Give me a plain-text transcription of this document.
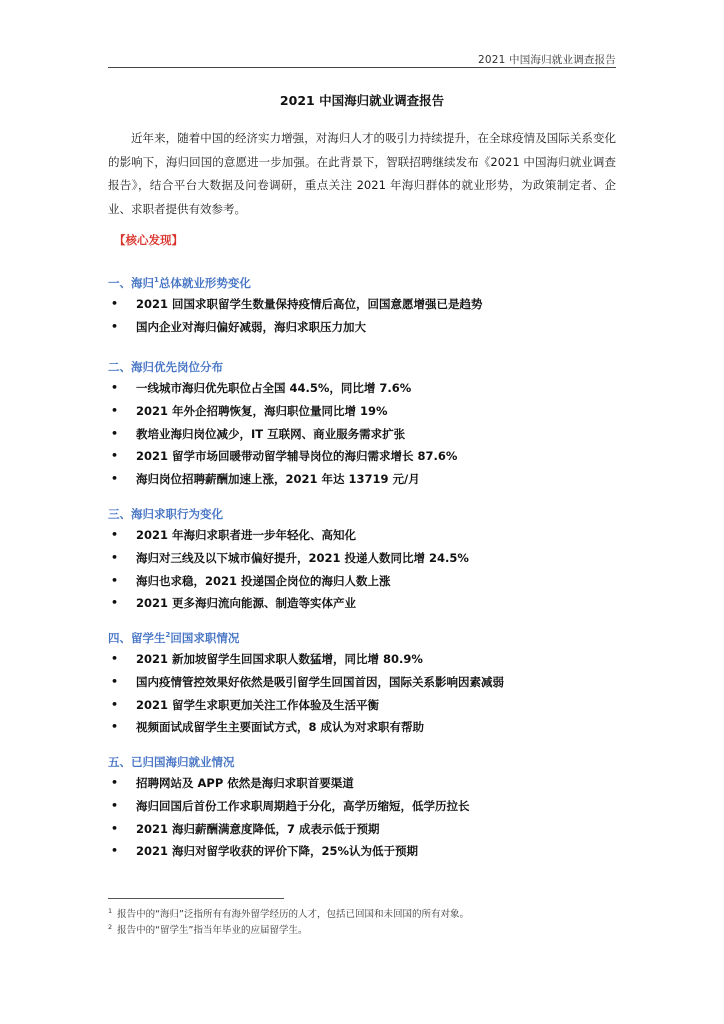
2021 中国海归就业调查报告
2021 中国海归就业调查报告

近年来，随着中国的经济实力增强，对海归人才的吸引力持续提升，在全球疫情及国际关系变化的影响下，海归回国的意愿进一步加强。在此背景下，智联招聘继续发布《2021 中国海归就业调查报告》，结合平台大数据及问卷调研，重点关注 2021 年海归群体的就业形势，为政策制定者、企业、求职者提供有效参考。

【核心发现】
一、海归$^1$总体就业形势变化
• 2021 回国求职留学生数量保持疫情后高位，回国意愿增强已是趋势
• 国内企业对海归偏好减弱，海归求职压力加大
二、海归优先岗位分布
• 一线城市海归优先职位占全国 44.5%，同比增 7.6%
• 2021 年外企招聘恢复，海归职位量同比增 19%
• 教培业海归岗位减少，IT 互联网、商业服务需求扩张
• 2021 留学市场回暖带动留学辅导岗位的海归需求增长 87.6%
• 海归岗位招聘薪酬加速上涨，2021 年达 13719 元/月
三、海归求职行为变化
• 2021 年海归求职者进一步年轻化、高知化
• 海归对三线及以下城市偏好提升，2021 投递人数同比增 24.5%
• 海归也求稳，2021 投递国企岗位的海归人数上涨
• 2021 更多海归流向能源、制造等实体产业
四、留学生$^2$回国求职情况
• 2021 新加坡留学生回国求职人数猛增，同比增 80.9%
• 国内疫情管控效果好依然是吸引留学生回国首因，国际关系影响因素减弱
• 2021 留学生求职更加关注工作体验及生活平衡
• 视频面试成留学生主要面试方式，8 成认为对求职有帮助
五、已归国海归就业情况
• 招聘网站及 APP 依然是海归求职首要渠道
• 海归回国后首份工作求职周期趋于分化，高学历缩短，低学历拉长
• 2021 海归薪酬满意度降低，7 成表示低于预期
• 2021 海归对留学收获的评价下降，25%认为低于预期
$^1$ 报告中的“海归”泛指所有有海外留学经历的人才，包括已回国和未回国的所有对象。
$^2$ 报告中的“留学生”指当年毕业的应届留学生。
